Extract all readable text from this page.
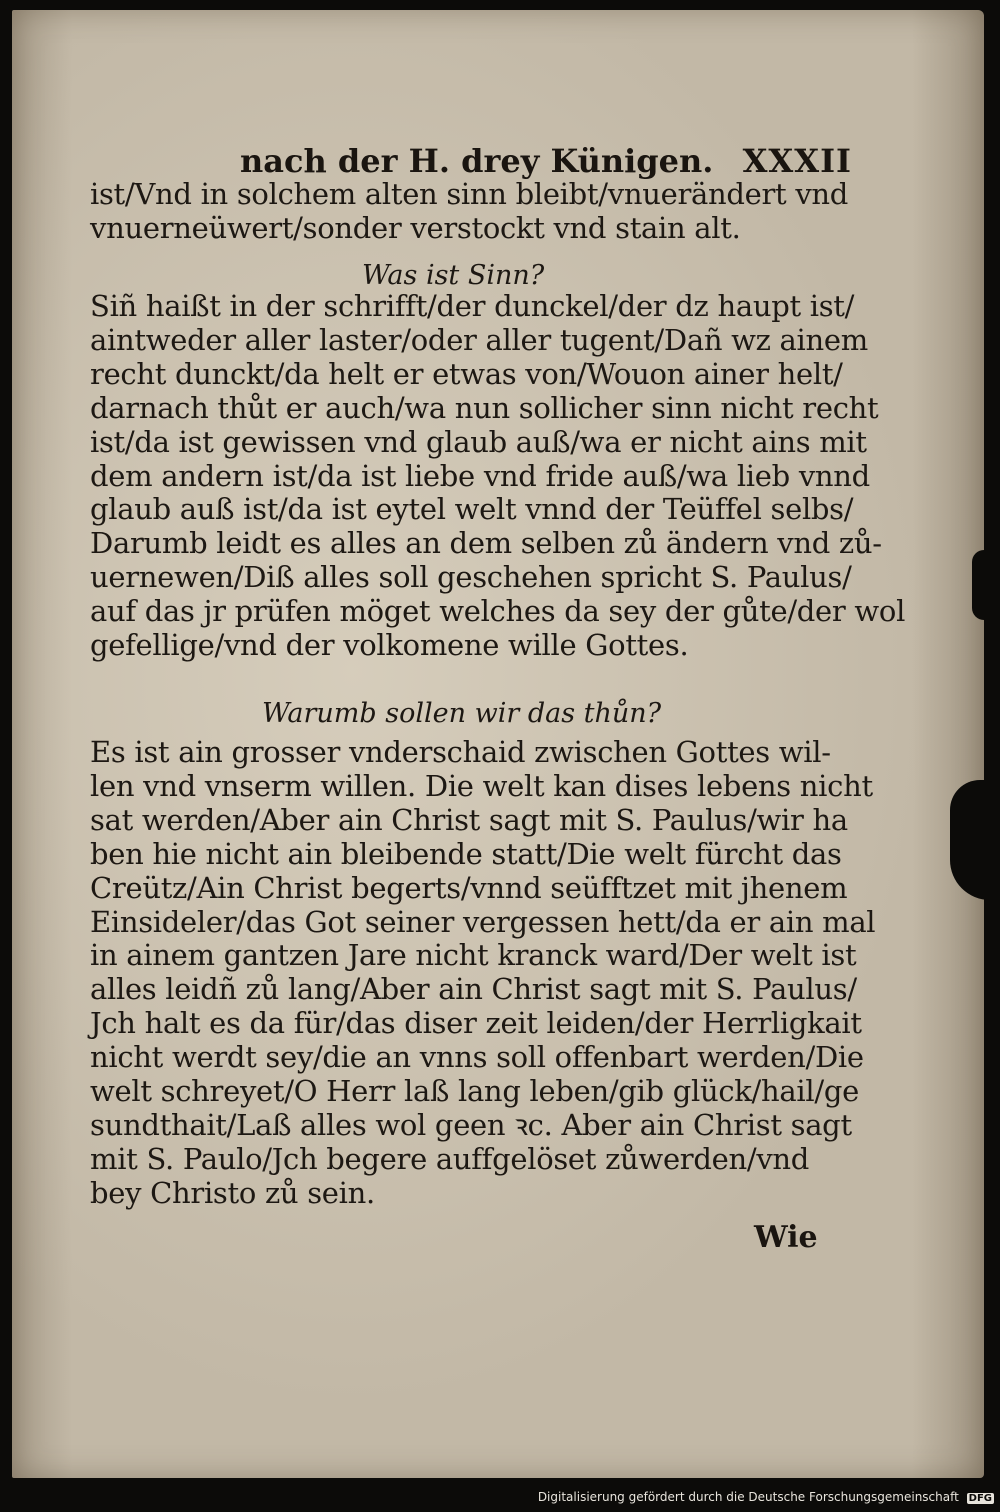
nach der H. drey Künigen. XXXII
ist/Vnd in solchem alten sinn bleibt/vnuerändert vnd
vnuerneüwert/sonder verstockt vnd stain alt.
Was ist Sinn?
Siñ haißt in der schrifft/der dunckel/der dz haupt ist/
aintweder aller laster/oder aller tugent/Dañ wz ainem
recht dunckt/da helt er etwas von/Wouon ainer helt/
darnach thůt er auch/wa nun sollicher sinn nicht recht
ist/da ist gewissen vnd glaub auß/wa er nicht ains mit
dem andern ist/da ist liebe vnd fride auß/wa lieb vnnd
glaub auß ist/da ist eytel welt vnnd der Teüffel selbs/
Darumb leidt es alles an dem selben zů ändern vnd zů-
uernewen/Diß alles soll geschehen spricht S. Paulus/
auf das jr prüfen möget welches da sey der gůte/der wol
gefellige/vnd der volkomene wille Gottes.
Warumb sollen wir das thůn?
Es ist ain grosser vnderschaid zwischen Gottes wil-
len vnd vnserm willen. Die welt kan dises lebens nicht
sat werden/Aber ain Christ sagt mit S. Paulus/wir ha
ben hie nicht ain bleibende statt/Die welt fürcht das
Creütz/Ain Christ begerts/vnnd seüfftzet mit jhenem
Einsideler/das Got seiner vergessen hett/da er ain mal
in ainem gantzen Jare nicht kranck ward/Der welt ist
alles leidñ zů lang/Aber ain Christ sagt mit S. Paulus/
Jch halt es da für/das diser zeit leiden/der Herrligkait
nicht werdt sey/die an vnns soll offenbart werden/Die
welt schreyet/O Herr laß lang leben/gib glück/hail/ge
sundthait/Laß alles wol geen ꝛc. Aber ain Christ sagt
mit S. Paulo/Jch begere auffgelöset zůwerden/vnd
bey Christo zů sein.
Wie
Digitalisierung gefördert durch die Deutsche Forschungsgemeinschaft DFG
